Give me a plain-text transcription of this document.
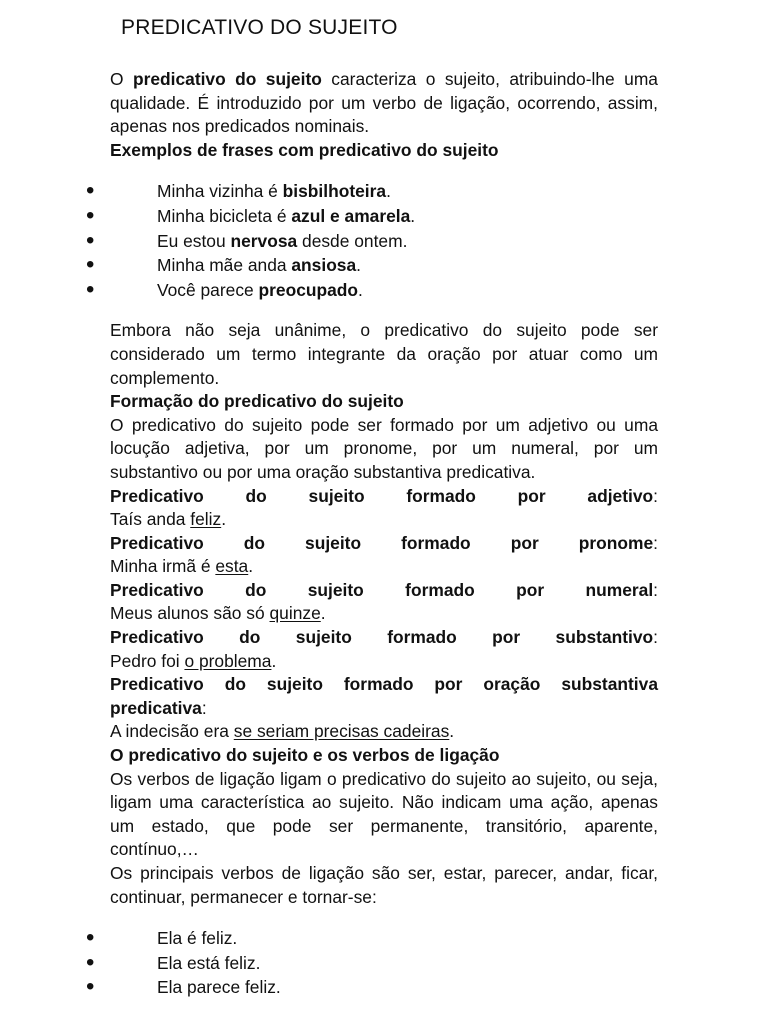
PREDICATIVO DO SUJEITO

O predicativo do sujeito caracteriza o sujeito, atribuindo-lhe uma qualidade. É introduzido por um verbo de ligação, ocorrendo, assim, apenas nos predicados nominais.

Exemplos de frases com predicativo do sujeito

• Minha vizinha é bisbilhoteira.
• Minha bicicleta é azul e amarela.
• Eu estou nervosa desde ontem.
• Minha mãe anda ansiosa.
• Você parece preocupado.

Embora não seja unânime, o predicativo do sujeito pode ser considerado um termo integrante da oração por atuar como um complemento.

Formação do predicativo do sujeito

O predicativo do sujeito pode ser formado por um adjetivo ou uma locução adjetiva, por um pronome, por um numeral, por um substantivo ou por uma oração substantiva predicativa.

Predicativo do sujeito formado por adjetivo:

Taís anda feliz.

Predicativo do sujeito formado por pronome:

Minha irmã é esta.

Predicativo do sujeito formado por numeral:

Meus alunos são só quinze.

Predicativo do sujeito formado por substantivo:

Pedro foi o problema.

Predicativo do sujeito formado por oração substantiva predicativa:

A indecisão era se seriam precisas cadeiras.

O predicativo do sujeito e os verbos de ligação

Os verbos de ligação ligam o predicativo do sujeito ao sujeito, ou seja, ligam uma característica ao sujeito. Não indicam uma ação, apenas um estado, que pode ser permanente, transitório, aparente, contínuo,…

Os principais verbos de ligação são ser, estar, parecer, andar, ficar, continuar, permanecer e tornar-se:

• Ela é feliz.
• Ela está feliz.
• Ela parece feliz.
